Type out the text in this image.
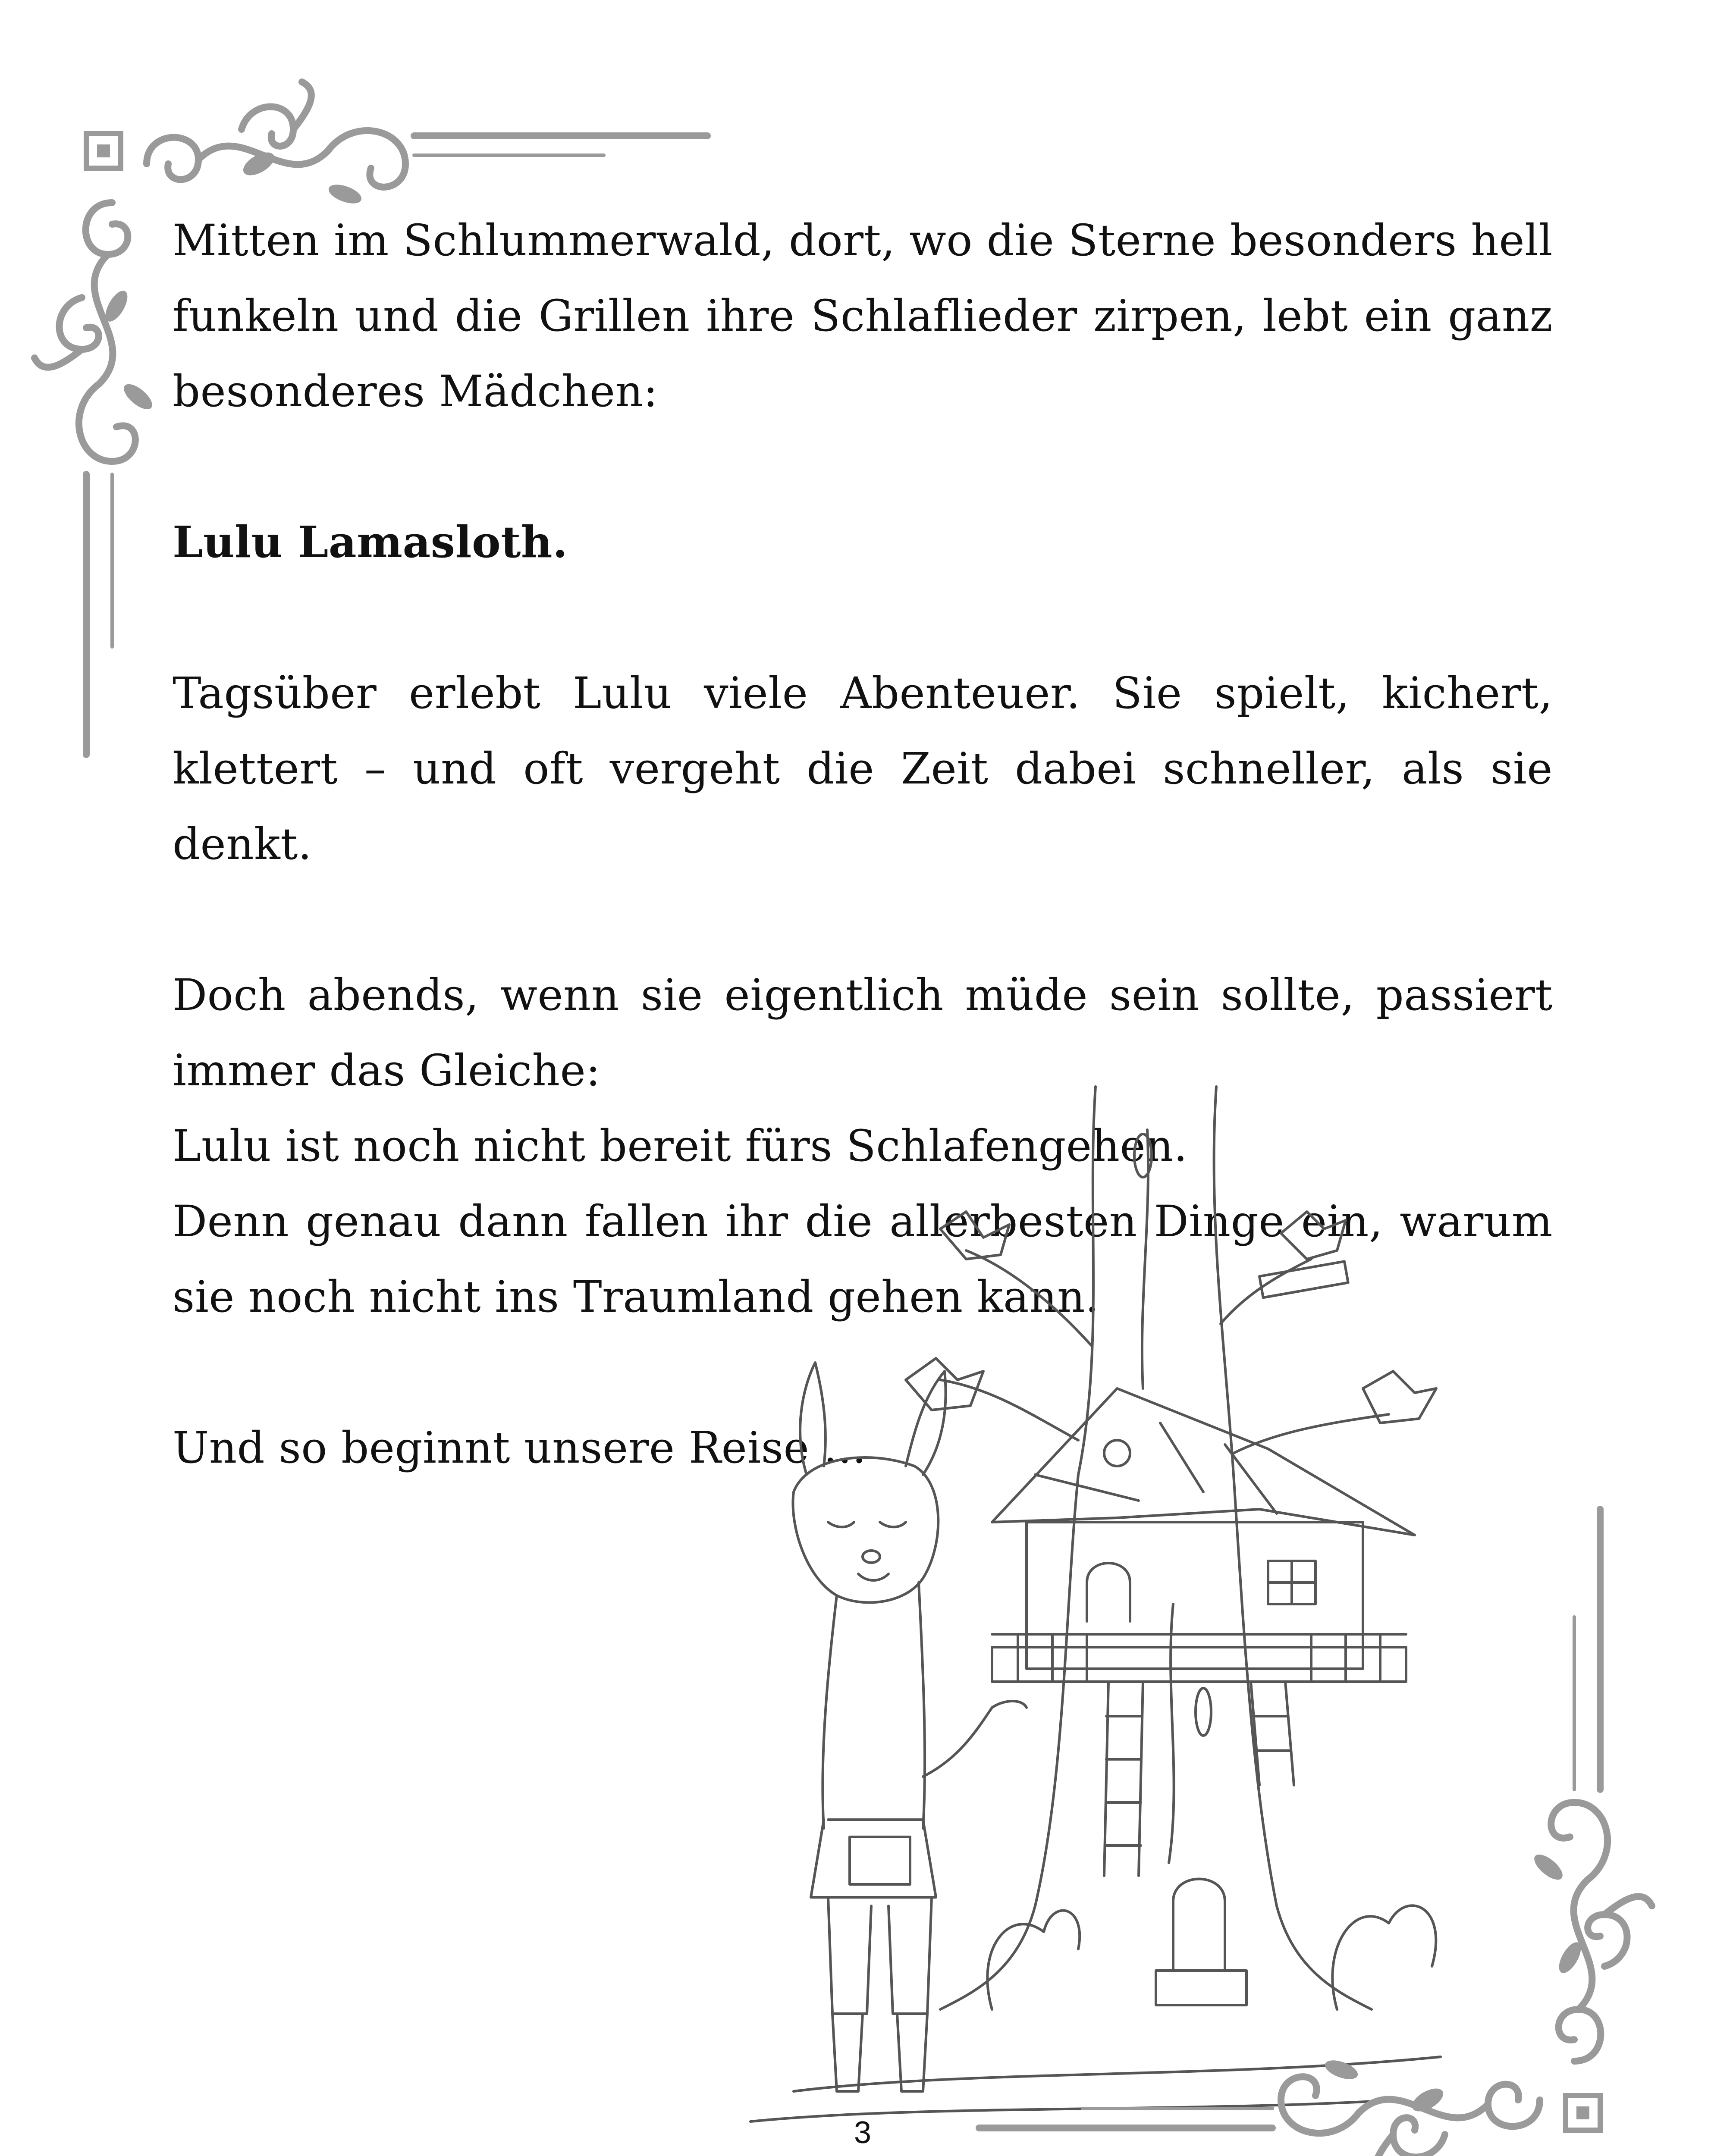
Mitten im Schlummerwald, dort, wo die Sterne besonders hell funkeln und die Grillen ihre Schlaflieder zirpen, lebt ein ganz besonderes Mädchen:

Lulu Lamasloth.

Tagsüber erlebt Lulu viele Abenteuer. Sie spielt, kichert, klettert – und oft vergeht die Zeit dabei schneller, als sie denkt.

Doch abends, wenn sie eigentlich müde sein sollte, passiert immer das Gleiche:

Lulu ist noch nicht bereit fürs Schlafengehen.

Denn genau dann fallen ihr die allerbesten Dinge ein, warum sie noch nicht ins Traumland gehen kann.

Und so beginnt unsere Reise …

3
